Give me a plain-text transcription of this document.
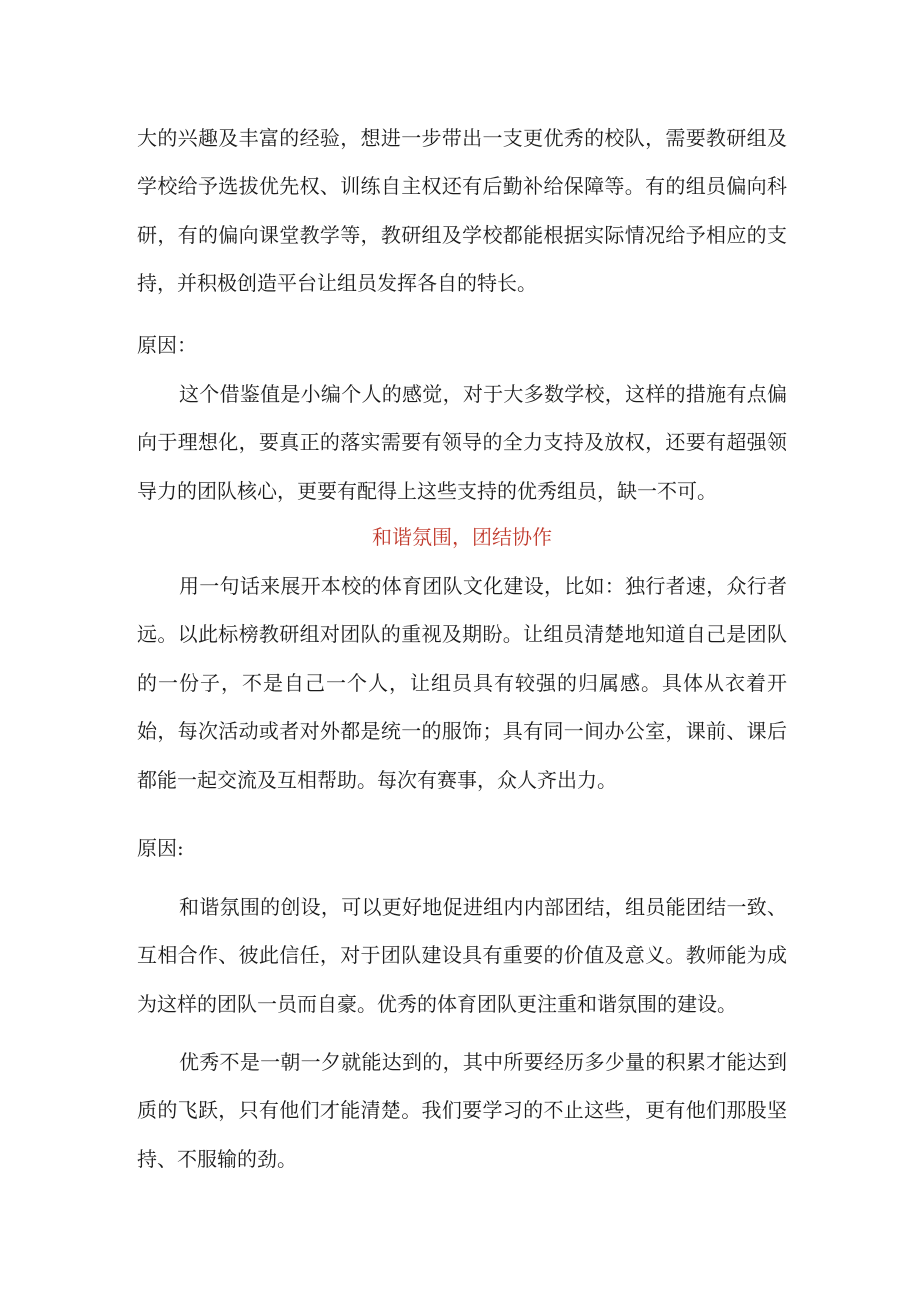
大的兴趣及丰富的经验，想进一步带出一支更优秀的校队，需要教研组及学校给予选拔优先权、训练自主权还有后勤补给保障等。有的组员偏向科研，有的偏向课堂教学等，教研组及学校都能根据实际情况给予相应的支持，并积极创造平台让组员发挥各自的特长。

原因：

这个借鉴值是小编个人的感觉，对于大多数学校，这样的措施有点偏向于理想化，要真正的落实需要有领导的全力支持及放权，还要有超强领导力的团队核心，更要有配得上这些支持的优秀组员，缺一不可。

和谐氛围，团结协作

用一句话来展开本校的体育团队文化建设，比如：独行者速，众行者远。以此标榜教研组对团队的重视及期盼。让组员清楚地知道自己是团队的一份子，不是自己一个人，让组员具有较强的归属感。具体从衣着开始，每次活动或者对外都是统一的服饰；具有同一间办公室，课前、课后都能一起交流及互相帮助。每次有赛事，众人齐出力。

原因:

和谐氛围的创设，可以更好地促进组内内部团结，组员能团结一致、互相合作、彼此信任，对于团队建设具有重要的价值及意义。教师能为成为这样的团队一员而自豪。优秀的体育团队更注重和谐氛围的建设。

优秀不是一朝一夕就能达到的，其中所要经历多少量的积累才能达到质的飞跃，只有他们才能清楚。我们要学习的不止这些，更有他们那股坚持、不服输的劲。
